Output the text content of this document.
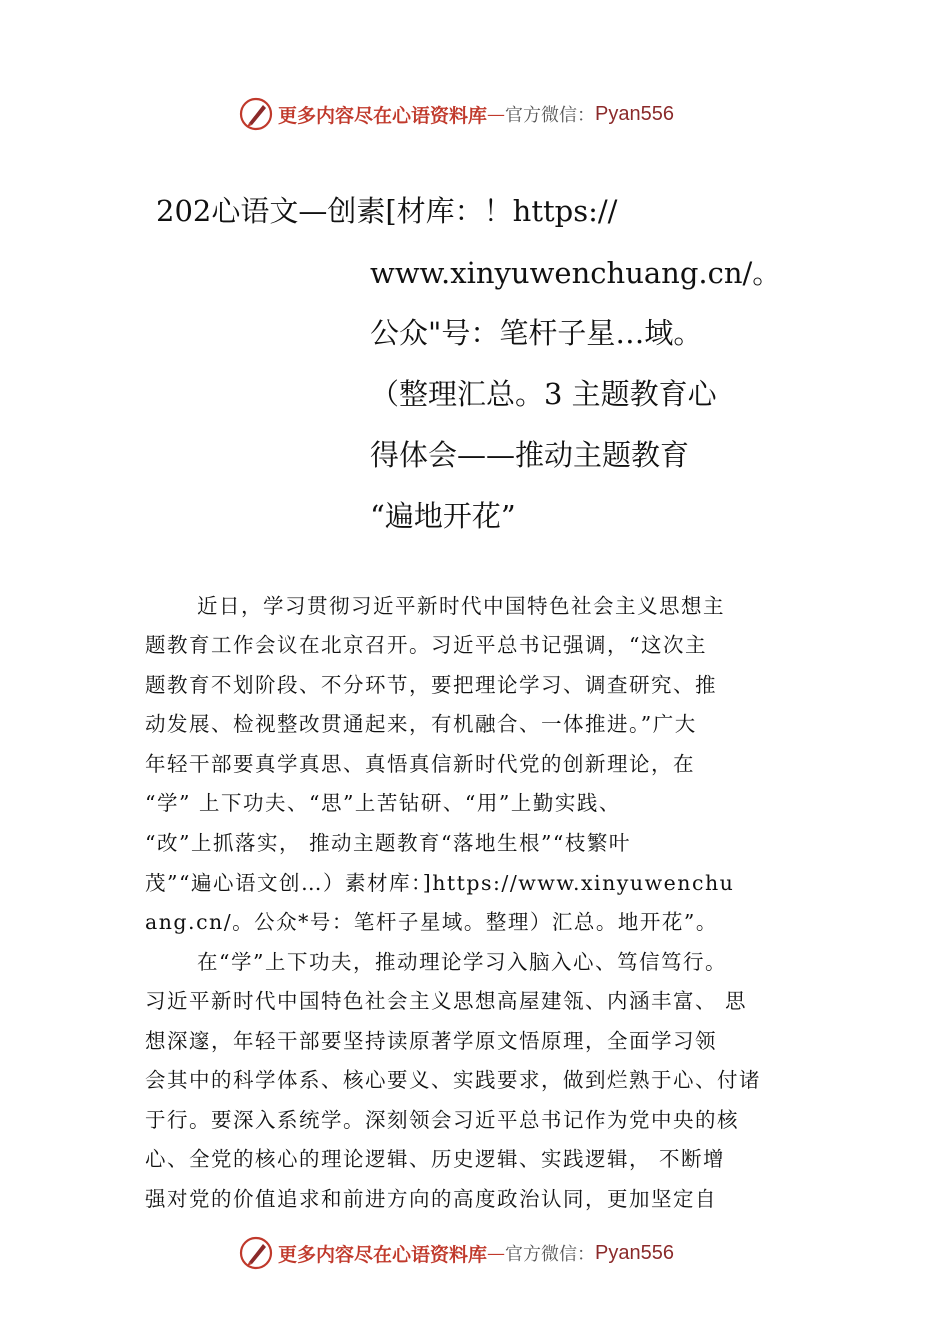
更多内容尽在心语资料库 — 官方微信： Pyan556
202心语文—创素[材库：！https://
www.xinyuwenchuang.cn/。
公众"号：笔杆子星…域。
（整理汇总。3 主题教育心
得体会——推动主题教育
“遍地开花”
近日，学习贯彻习近平新时代中国特色社会主义思想主
题教育工作会议在北京召开。习近平总书记强调，“这次主
题教育不划阶段、不分环节，要把理论学习、调查研究、推
动发展、检视整改贯通起来，有机融合、一体推进。”广大
年轻干部要真学真思、真悟真信新时代党的创新理论，在
“学” 上下功夫、“思”上苦钻研、“用”上勤实践、
“改”上抓落实， 推动主题教育“落地生根”“枝繁叶
茂”“遍心语文创…）素材库：]https://www.xinyuwenchu
ang.cn/。公众*号：笔杆子星域。整理）汇总。地开花”。
在“学”上下功夫，推动理论学习入脑入心、笃信笃行。
习近平新时代中国特色社会主义思想高屋建瓴、内涵丰富、 思
想深邃，年轻干部要坚持读原著学原文悟原理，全面学习领
会其中的科学体系、核心要义、实践要求，做到烂熟于心、付诸
于行。要深入系统学。深刻领会习近平总书记作为党中央的核
心、全党的核心的理论逻辑、历史逻辑、实践逻辑， 不断增
强对党的价值追求和前进方向的高度政治认同，更加坚定自
更多内容尽在心语资料库 — 官方微信： Pyan556
